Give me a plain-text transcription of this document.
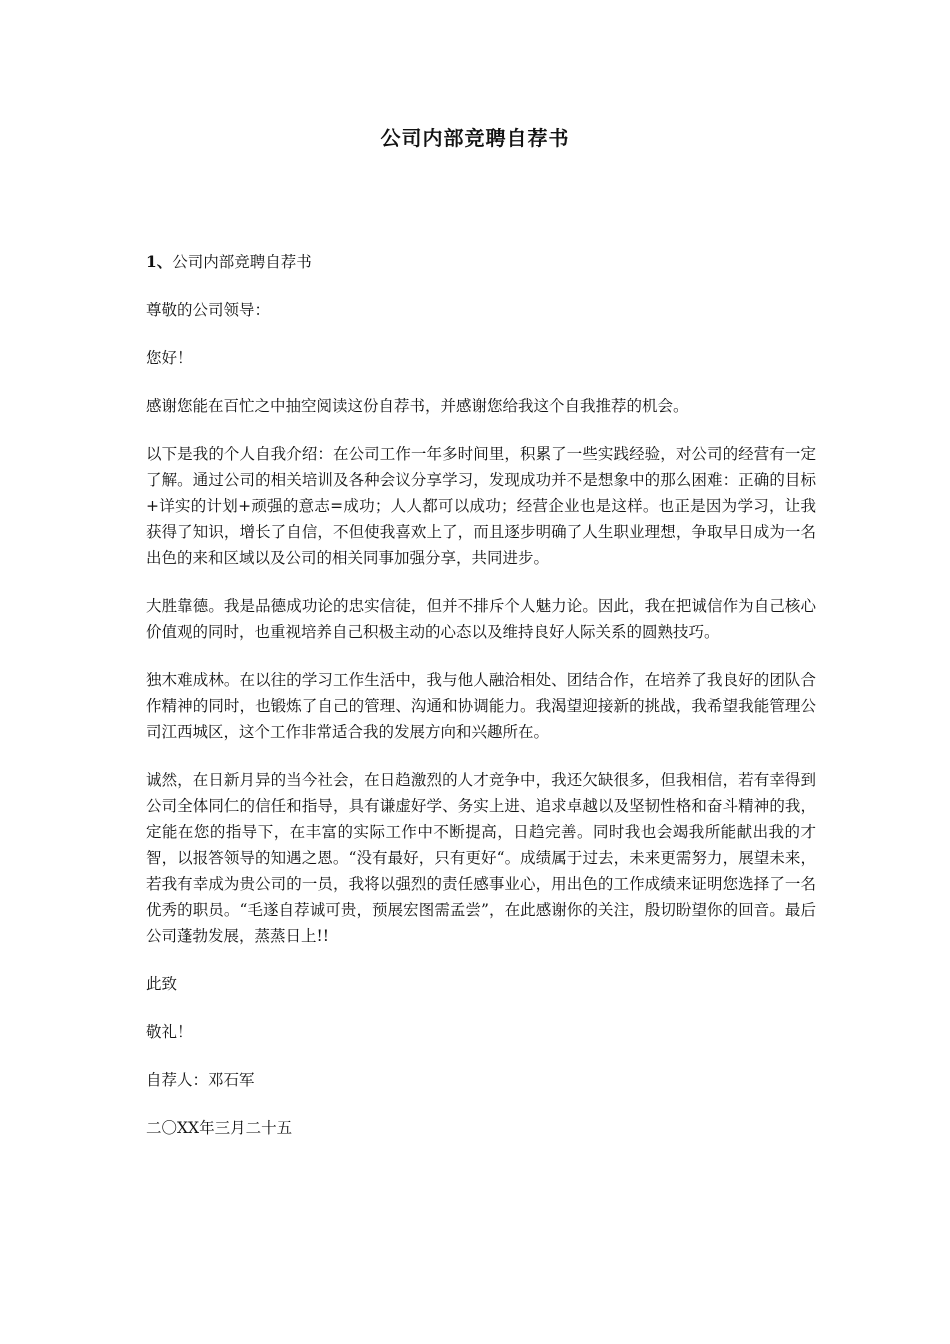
公司内部竞聘自荐书

1、公司内部竞聘自荐书

尊敬的公司领导：

您好！

感谢您能在百忙之中抽空阅读这份自荐书，并感谢您给我这个自我推荐的机会。

以下是我的个人自我介绍：在公司工作一年多时间里，积累了一些实践经验，对公司的经营有一定了解。通过公司的相关培训及各种会议分享学习，发现成功并不是想象中的那么困难：正确的目标+详实的计划+顽强的意志=成功；人人都可以成功；经营企业也是这样。也正是因为学习，让我获得了知识，增长了自信，不但使我喜欢上了，而且逐步明确了人生职业理想，争取早日成为一名出色的来和区域以及公司的相关同事加强分享，共同进步。

大胜靠德。我是品德成功论的忠实信徒，但并不排斥个人魅力论。因此，我在把诚信作为自己核心价值观的同时，也重视培养自己积极主动的心态以及维持良好人际关系的圆熟技巧。

独木难成林。在以往的学习工作生活中，我与他人融洽相处、团结合作，在培养了我良好的团队合作精神的同时，也锻炼了自己的管理、沟通和协调能力。我渴望迎接新的挑战，我希望我能管理公司江西城区，这个工作非常适合我的发展方向和兴趣所在。

诚然，在日新月异的当今社会，在日趋激烈的人才竞争中，我还欠缺很多，但我相信，若有幸得到公司全体同仁的信任和指导，具有谦虚好学、务实上进、追求卓越以及坚韧性格和奋斗精神的我，定能在您的指导下，在丰富的实际工作中不断提高，日趋完善。同时我也会竭我所能献出我的才智，以报答领导的知遇之恩。“没有最好，只有更好“。成绩属于过去，未来更需努力，展望未来，若我有幸成为贵公司的一员，我将以强烈的责任感事业心，用出色的工作成绩来证明您选择了一名优秀的职员。“毛遂自荐诚可贵，预展宏图需孟尝”，在此感谢你的关注，殷切盼望你的回音。最后公司蓬勃发展，蒸蒸日上!!

此致

敬礼！

自荐人：邓石军

二〇XX年三月二十五
